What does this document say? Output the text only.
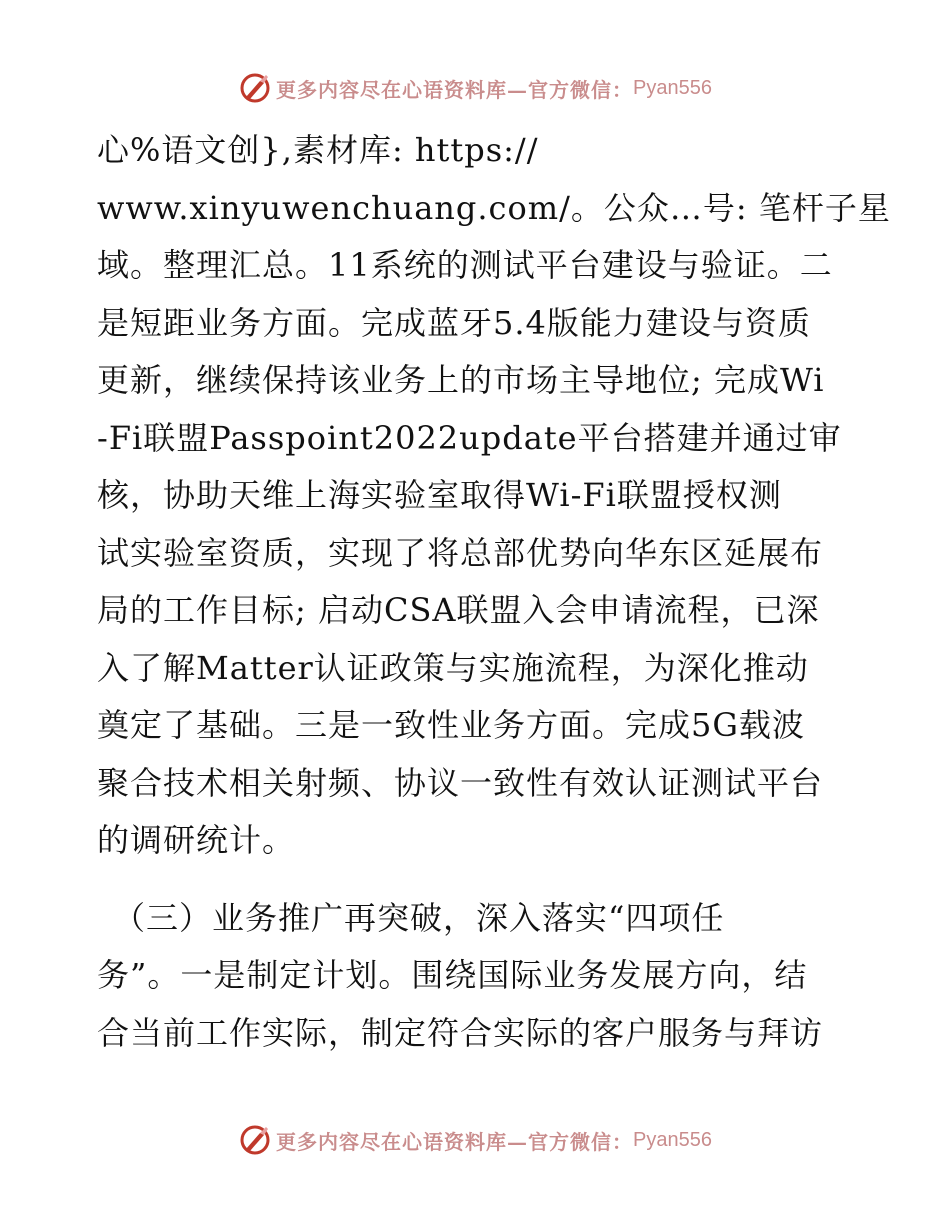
更多内容尽在心语资料库—官方微信： Pyan556
心%语文创},素材库: https://
www.xinyuwenchuang.com/。公众…号: 笔杆子星
域。整理汇总。11系统的测试平台建设与验证。二
是短距业务方面。完成蓝牙5.4版能力建设与资质
更新，继续保持该业务上的市场主导地位; 完成Wi
-Fi联盟Passpoint2022update平台搭建并通过审
核，协助天维上海实验室取得Wi-Fi联盟授权测
试实验室资质，实现了将总部优势向华东区延展布
局的工作目标; 启动CSA联盟入会申请流程，已深
入了解Matter认证政策与实施流程，为深化推动
奠定了基础。三是一致性业务方面。完成5G载波
聚合技术相关射频、协议一致性有效认证测试平台
的调研统计。
（三）业务推广再突破，深入落实“四项任
务”。一是制定计划。围绕国际业务发展方向，结
合当前工作实际，制定符合实际的客户服务与拜访
更多内容尽在心语资料库—官方微信： Pyan556
